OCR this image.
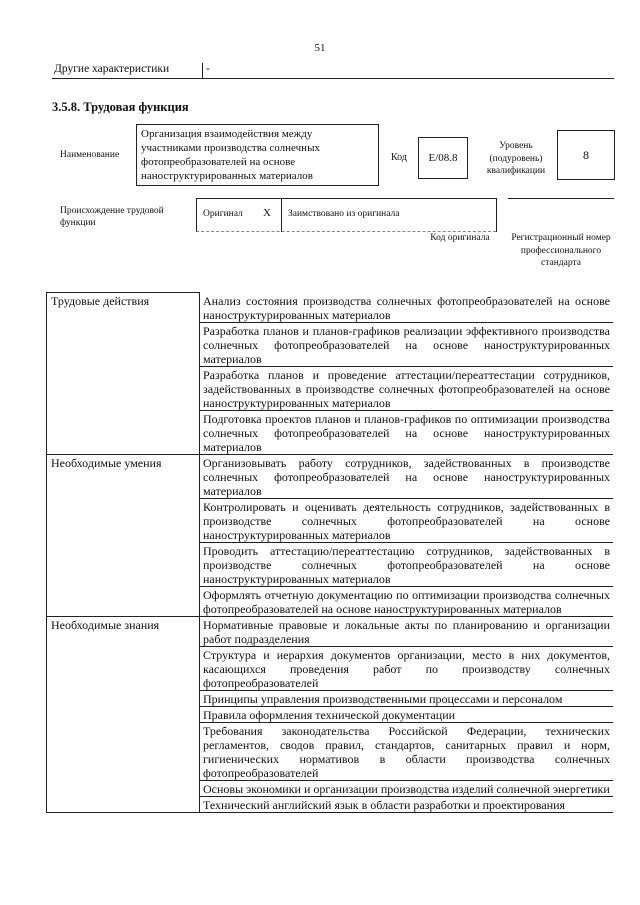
51
Другие характеристики	-
3.5.8. Трудовая функция
Наименование
Организация взаимодействия между участниками производства солнечных фотопреобразователей на основе наноструктурированных материалов
Код	E/08.8
Уровень (подуровень) квалификации
8
Происхождение трудовой функции
Оригинал X Заимствовано из оригинала
Код оригинала	Регистрационный номер профессионального стандарта
Трудовые действия	Анализ состояния производства солнечных фотопреобразователей на основе наноструктурированных материалов
	Разработка планов и планов-графиков реализации эффективного производства солнечных фотопреобразователей на основе наноструктурированных материалов
	Разработка планов и проведение аттестации/переаттестации сотрудников, задействованных в производстве солнечных фотопреобразователей на основе наноструктурированных материалов
	Подготовка проектов планов и планов-графиков по оптимизации производства солнечных фотопреобразователей на основе наноструктурированных материалов
Необходимые умения	Организовывать работу сотрудников, задействованных в производстве солнечных фотопреобразователей на основе наноструктурированных материалов
	Контролировать и оценивать деятельность сотрудников, задействованных в производстве солнечных фотопреобразователей на основе наноструктурированных материалов
	Проводить аттестацию/переаттестацию сотрудников, задействованных в производстве солнечных фотопреобразователей на основе наноструктурированных материалов
	Оформлять отчетную документацию по оптимизации производства солнечных фотопреобразователей на основе наноструктурированных материалов
Необходимые знания	Нормативные правовые и локальные акты по планированию и организации работ подразделения
	Структура и иерархия документов организации, место в них документов, касающихся проведения работ по производству солнечных фотопреобразователей
	Принципы управления производственными процессами и персоналом
	Правила оформления технической документации
	Требования законодательства Российской Федерации, технических регламентов, сводов правил, стандартов, санитарных правил и норм, гигиенических нормативов в области производства солнечных фотопреобразователей
	Основы экономики и организации производства изделий солнечной энергетики
	Технический английский язык в области разработки и проектирования
